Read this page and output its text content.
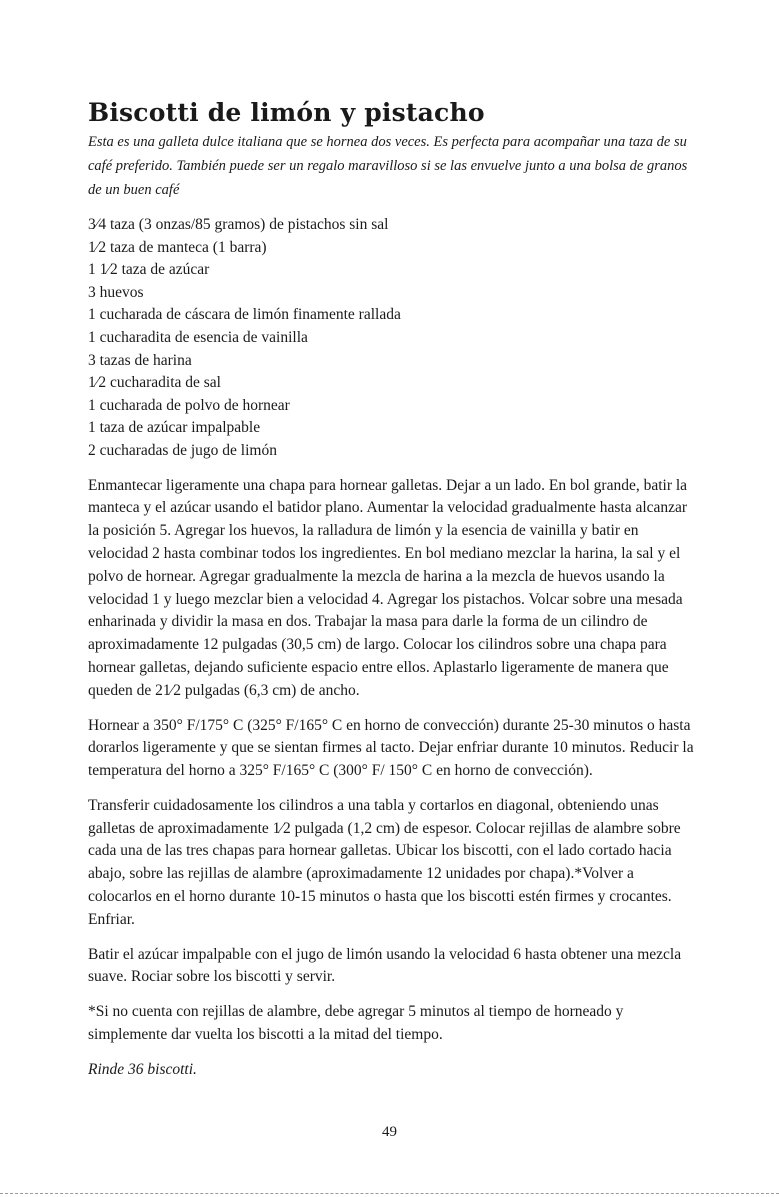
Biscotti de limón y pistacho

Esta es una galleta dulce italiana que se hornea dos veces. Es perfecta para acompañar una taza de su café preferido. También puede ser un regalo maravilloso si se las envuelve junto a una bolsa de granos de un buen café

3⁄4 taza (3 onzas/85 gramos) de pistachos sin sal
1⁄2 taza de manteca (1 barra)
1 1⁄2 taza de azúcar
3 huevos
1 cucharada de cáscara de limón finamente rallada
1 cucharadita de esencia de vainilla
3 tazas de harina
1⁄2 cucharadita de sal
1 cucharada de polvo de hornear
1 taza de azúcar impalpable
2 cucharadas de jugo de limón

Enmantecar ligeramente una chapa para hornear galletas. Dejar a un lado. En bol grande, batir la manteca y el azúcar usando el batidor plano. Aumentar la velocidad gradualmente hasta alcanzar la posición 5. Agregar los huevos, la ralladura de limón y la esencia de vainilla y batir en velocidad 2 hasta combinar todos los ingredientes. En bol mediano mezclar la harina, la sal y el polvo de hornear. Agregar gradualmente la mezcla de harina a la mezcla de huevos usando la velocidad 1 y luego mezclar bien a velocidad 4. Agregar los pistachos. Volcar sobre una mesada enharinada y dividir la masa en dos. Trabajar la masa para darle la forma de un cilindro de aproximadamente 12 pulgadas (30,5 cm) de largo. Colocar los cilindros sobre una chapa para hornear galletas, dejando suficiente espacio entre ellos. Aplastarlo ligeramente de manera que queden de 21⁄2 pulgadas (6,3 cm) de ancho.

Hornear a 350° F/175° C (325° F/165° C en horno de convección) durante 25-30 minutos o hasta dorarlos ligeramente y que se sientan firmes al tacto. Dejar enfriar durante 10 minutos. Reducir la temperatura del horno a 325° F/165° C (300° F/ 150° C en horno de convección).

Transferir cuidadosamente los cilindros a una tabla y cortarlos en diagonal, obteniendo unas galletas de aproximadamente 1⁄2 pulgada (1,2 cm) de espesor. Colocar rejillas de alambre sobre cada una de las tres chapas para hornear galletas. Ubicar los biscotti, con el lado cortado hacia abajo, sobre las rejillas de alambre (aproximadamente 12 unidades por chapa).*Volver a colocarlos en el horno durante 10-15 minutos o hasta que los biscotti estén firmes y crocantes. Enfriar.

Batir el azúcar impalpable con el jugo de limón usando la velocidad 6 hasta obtener una mezcla suave. Rociar sobre los biscotti y servir.

*Si no cuenta con rejillas de alambre, debe agregar 5 minutos al tiempo de horneado y simplemente dar vuelta los biscotti a la mitad del tiempo.

Rinde 36 biscotti.

49
